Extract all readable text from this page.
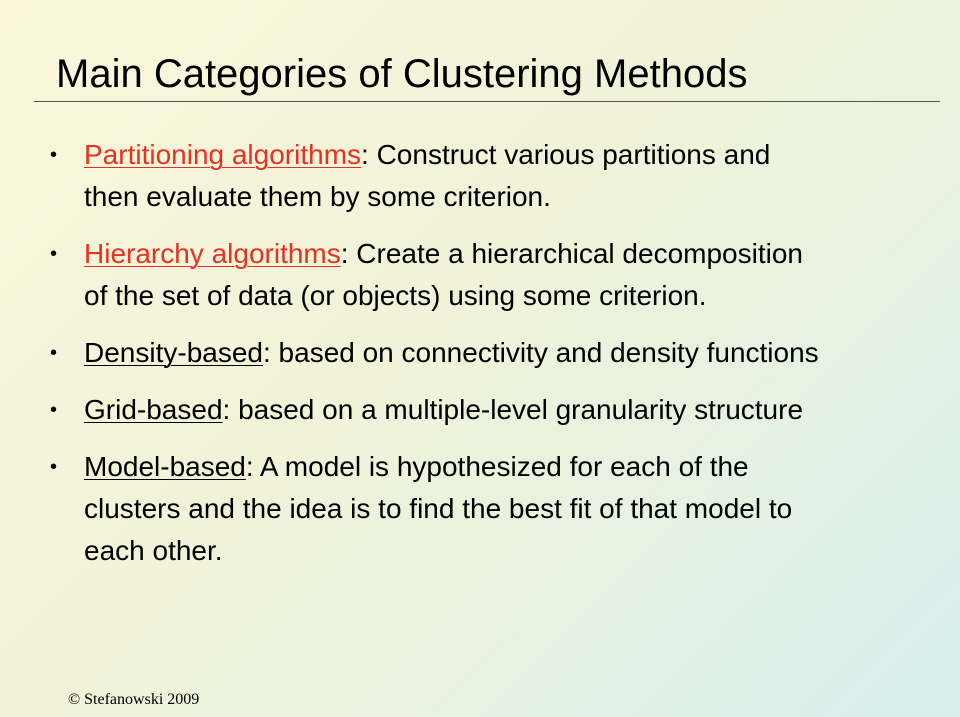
Main Categories of Clustering Methods
• Partitioning algorithms: Construct various partitions and
then evaluate them by some criterion.
• Hierarchy algorithms: Create a hierarchical decomposition
of the set of data (or objects) using some criterion.
• Density-based: based on connectivity and density functions
• Grid-based: based on a multiple-level granularity structure
• Model-based: A model is hypothesized for each of the
clusters and the idea is to find the best fit of that model to
each other.
© Stefanowski 2009
